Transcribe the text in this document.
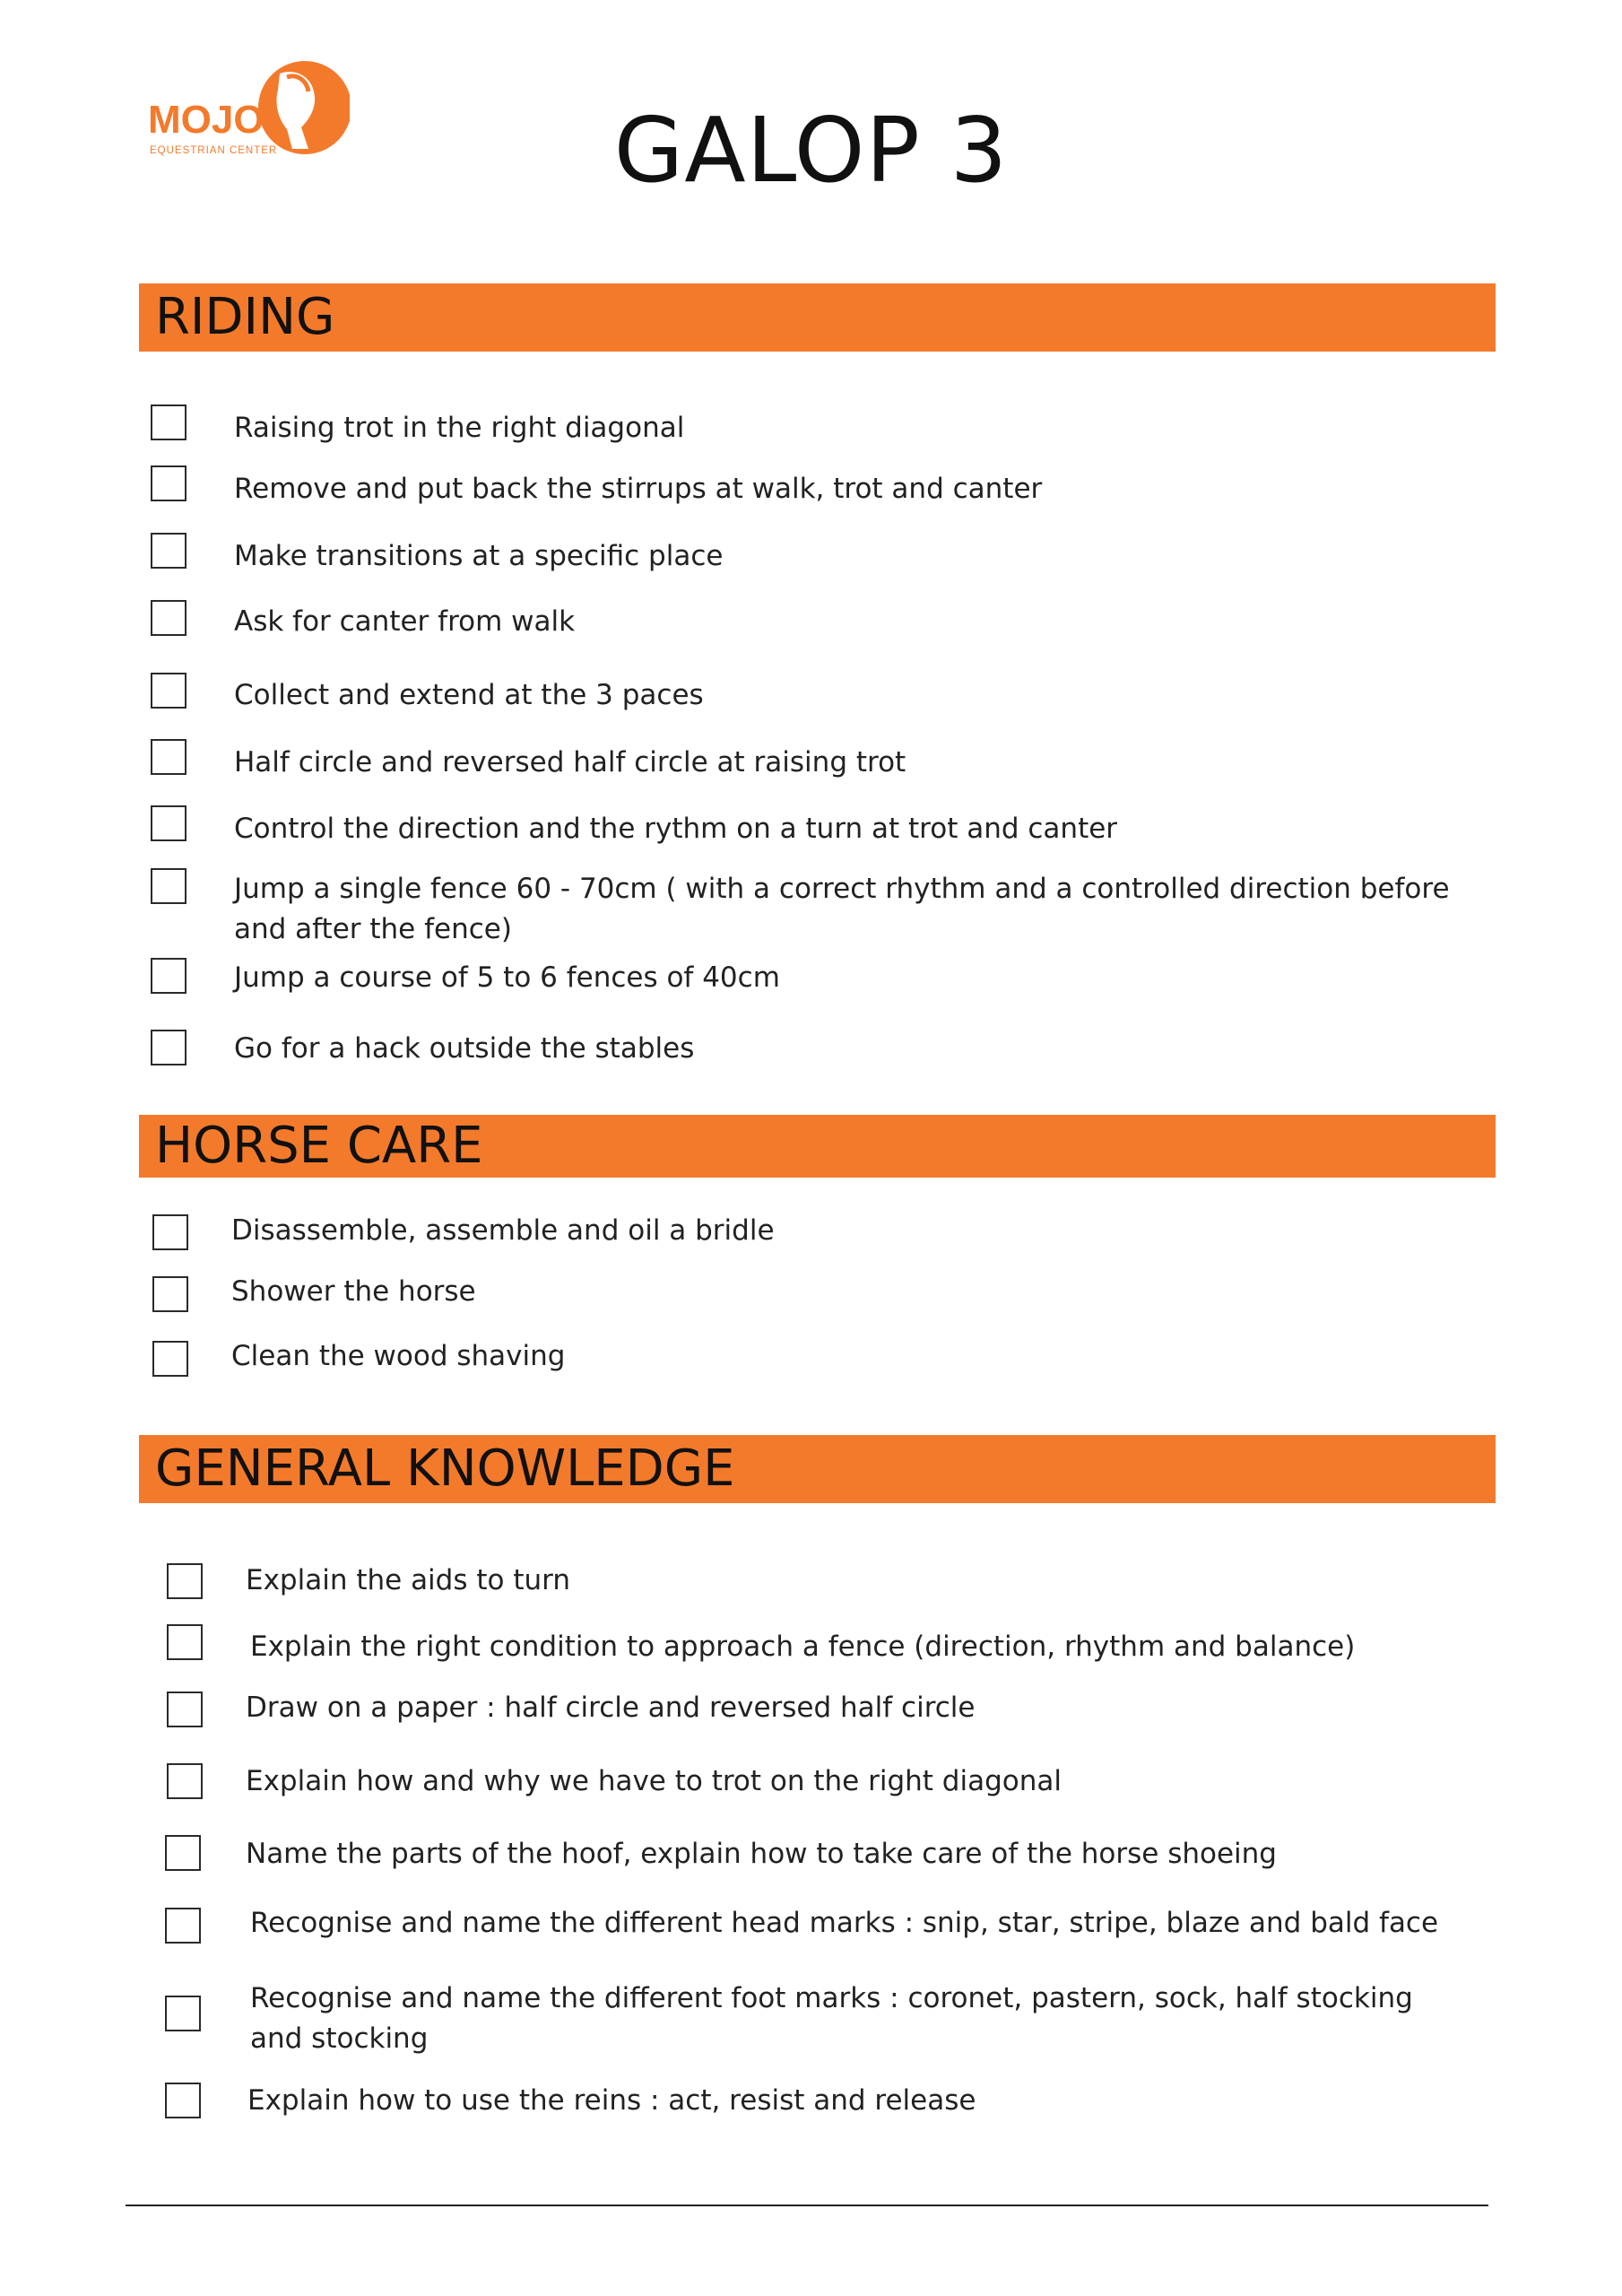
MOJO
EQUESTRIAN CENTER	GALOP 3
RIDING
Raising trot in the right diagonal
Remove and put back the stirrups at walk, trot and canter
Make transitions at a specific place
Ask for canter from walk
Collect and extend at the 3 paces
Half circle and reversed half circle at raising trot
Control the direction and the rythm on a turn at trot and canter
Jump a single fence 60 - 70cm ( with a correct rhythm and a controlled direction before and after the fence)
Jump a course of 5 to 6 fences of 40cm
Go for a hack outside the stables
HORSE CARE
Disassemble, assemble and oil a bridle
Shower the horse
Clean the wood shaving
GENERAL KNOWLEDGE
Explain the aids to turn
Explain the right condition to approach a fence (direction, rhythm and balance)
Draw on a paper : half circle and reversed half circle
Explain how and why we have to trot on the right diagonal
Name the parts of the hoof, explain how to take care of the horse shoeing
Recognise and name the different head marks : snip, star, stripe, blaze and bald face
Recognise and name the different foot marks : coronet, pastern, sock, half stocking and stocking
Explain how to use the reins : act, resist and release
